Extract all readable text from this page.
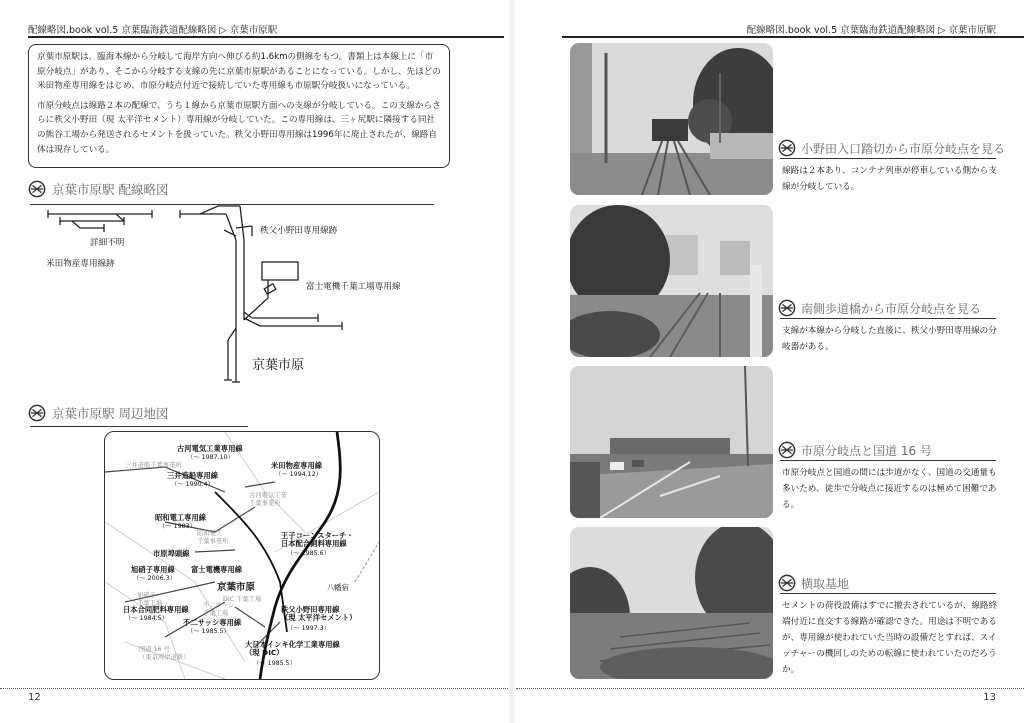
配線略図.book vol.5 京葉臨海鉄道配線略図 ▷ 京葉市原駅

京葉市原駅は、臨海本線から分岐して海岸方向へ伸びる約1.6kmの側線をもつ。書類上は本線上に「市原分岐点」があり、そこから分岐する支線の先に京葉市原駅があることになっている。しかし、先ほどの米田物産専用線をはじめ、市原分岐点付近で接続していた専用線も市原駅分岐扱いになっている。

市原分岐点は線路２本の配線で、うち１線から京葉市原駅方面への支線が分岐している。この支線からさらに秩父小野田（現 太平洋セメント）専用線が分岐していた。この専用線は、三ヶ尻駅に隣接する同社の熊谷工場から発送されるセメントを扱っていた。秩父小野田専用線は1996年に廃止されたが、線路自体は現存している。

京葉市原駅 配線略図
詳細不明
米田物産専用線跡
秩父小野田専用線跡
富士電機千葉工場専用線
京葉市原
京葉市原駅 周辺地図
古河電気工業専用線
（～ 1987.10）
三井造船千葉事業所
三井造船専用線
（～ 1990.4）
米田物産専用線
（～ 1994.12）
古河電気工業
千葉事業所
昭和電工専用線
（～ 1983）
昭和電工
千葉事業所
市原埠頭線
王子コーンスターチ・
日本配合飼料専用線
（～ 1985.6）
旭硝子専用線
（～ 2006.3）
富士電機専用線
京葉市原
DIC 千葉工場
八幡宿
旭硝子
千葉工場
日本合同肥料専用線
（～ 1984.5）
不二サッシ
千葉工場
不二サッシ専用線
（～ 1985.5）
秩父小野田専用線
（現 太平洋セメント）
（～ 1997.3）
国道 16 号
（東京湾岸道路）
大日本インキ化学工業専用線
（現 DIC）
（～ 1985.5）
12
配線略図.book vol.5 京葉臨海鉄道配線略図 ▷ 京葉市原駅
13
小野田入口踏切から市原分岐点を見る
線路は２本あり、コンテナ列車が停車している側から支線が分岐している。
南側歩道橋から市原分岐点を見る
支線が本線から分岐した直後に、秩父小野田専用線の分岐器がある。
市原分岐点と国道 16 号
市原分岐点と国道の間には歩道がなく、国道の交通量も多いため、徒歩で分岐点に接近するのは極めて困難である。
横取基地
セメントの荷役設備はすでに撤去されているが、線路終端付近に直交する線路が確認できた。用途は不明であるが、専用線が使われていた当時の設備だとすれば、スイッチャーの機回しのための転線に使われていたのだろうか。
